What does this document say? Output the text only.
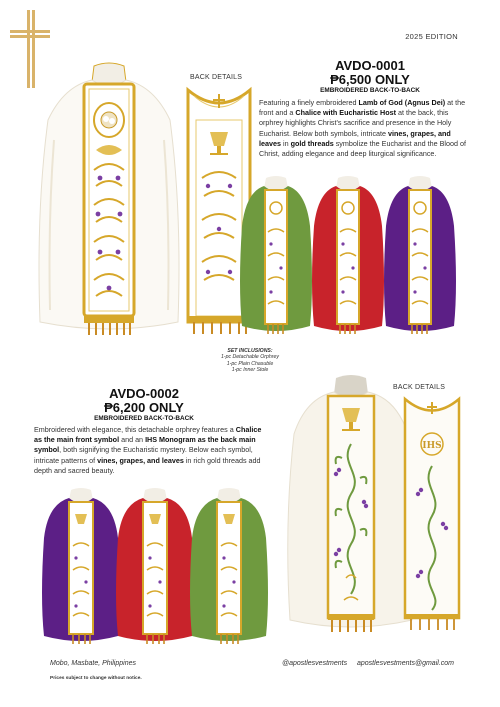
2025 EDITION
BACK DETAILS
AVDO-0001
₱6,500 ONLY
EMBROIDERED BACK-TO-BACK
Featuring a finely embroidered Lamb of God (Agnus Dei) at the front and a Chalice with Eucharistic Host at the back, this orphrey highlights Christ's sacrifice and presence in the Holy Eucharist. Below both symbols, intricate vines, grapes, and leaves in gold threads symbolize the Eucharist and the Blood of Christ, adding elegance and deep liturgical significance.
SET INCLUSIONS:
1-pc Detachable Orphrey
1-pc Plain Chasuble
1-pc Inner Stole
AVDO-0002
₱6,200 ONLY
EMBROIDERED BACK-TO-BACK
Embroidered with elegance, this detachable orphrey features a Chalice as the main front symbol and an IHS Monogram as the back main symbol, both signifying the Eucharistic mystery. Below each symbol, intricate patterns of vines, grapes, and leaves in rich gold threads add depth and sacred beauty.
BACK DETAILS
IHS
Mobo, Masbate, Philippines	@apostlesvestments apostlesvestments@gmail.com
Prices subject to change without notice.
